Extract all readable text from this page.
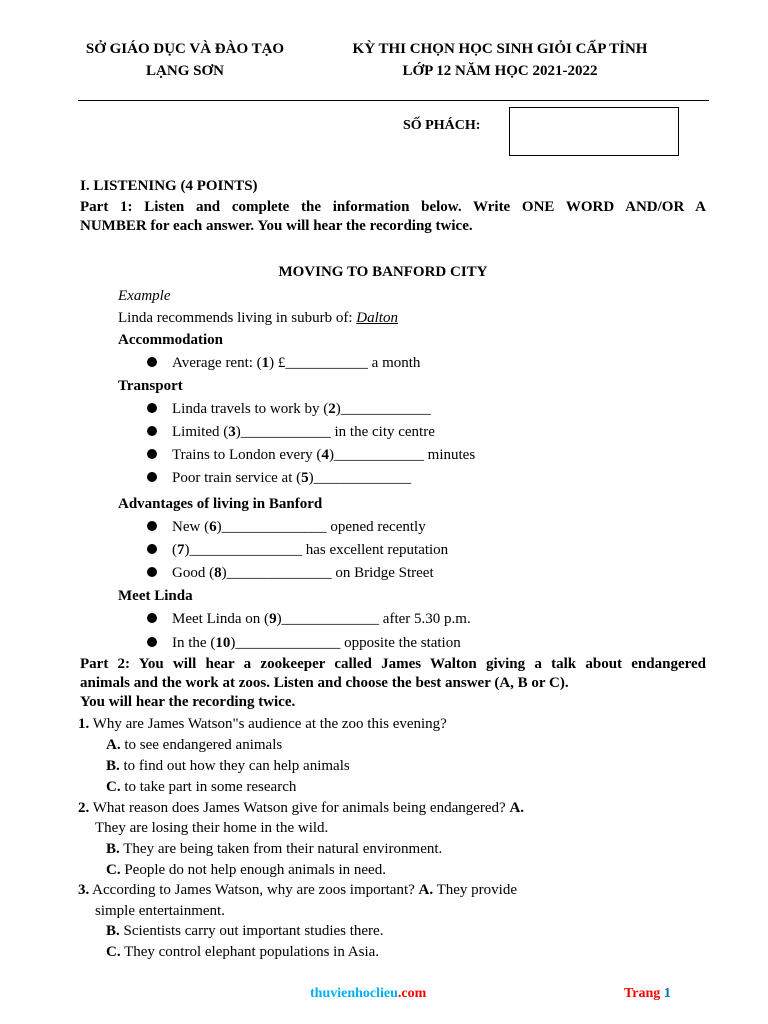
SỞ GIÁO DỤC VÀ ĐÀO TẠO
LẠNG SƠN
KỲ THI CHỌN HỌC SINH GIỎI CẤP TỈNH
LỚP 12 NĂM HỌC 2021-2022
SỐ PHÁCH:
I. LISTENING (4 POINTS)
Part 1: Listen and complete the information below. Write ONE WORD AND/OR A
NUMBER for each answer. You will hear the recording twice.
MOVING TO BANFORD CITY
Example
Linda recommends living in suburb of: Dalton
Accommodation
Average rent: (1) £___________ a month
Transport
Linda travels to work by (2)____________
Limited (3)____________ in the city centre
Trains to London every (4)____________ minutes
Poor train service at (5)_____________
Advantages of living in Banford
New (6)______________ opened recently
(7)_______________ has excellent reputation
Good (8)______________ on Bridge Street
Meet Linda
Meet Linda on (9)_____________ after 5.30 p.m.
In the (10)______________ opposite the station
Part 2: You will hear a zookeeper called James Walton giving a talk about endangered
animals and the work at zoos. Listen and choose the best answer (A, B or C).
You will hear the recording twice.
1. Why are James Watson"s audience at the zoo this evening?
A. to see endangered animals
B. to find out how they can help animals
C. to take part in some research
2. What reason does James Watson give for animals being endangered? A.
They are losing their home in the wild.
B. They are being taken from their natural environment.
C. People do not help enough animals in need.
3. According to James Watson, why are zoos important? A. They provide
simple entertainment.
B. Scientists carry out important studies there.
C. They control elephant populations in Asia.
thuvienhoclieu.com	Trang 1
